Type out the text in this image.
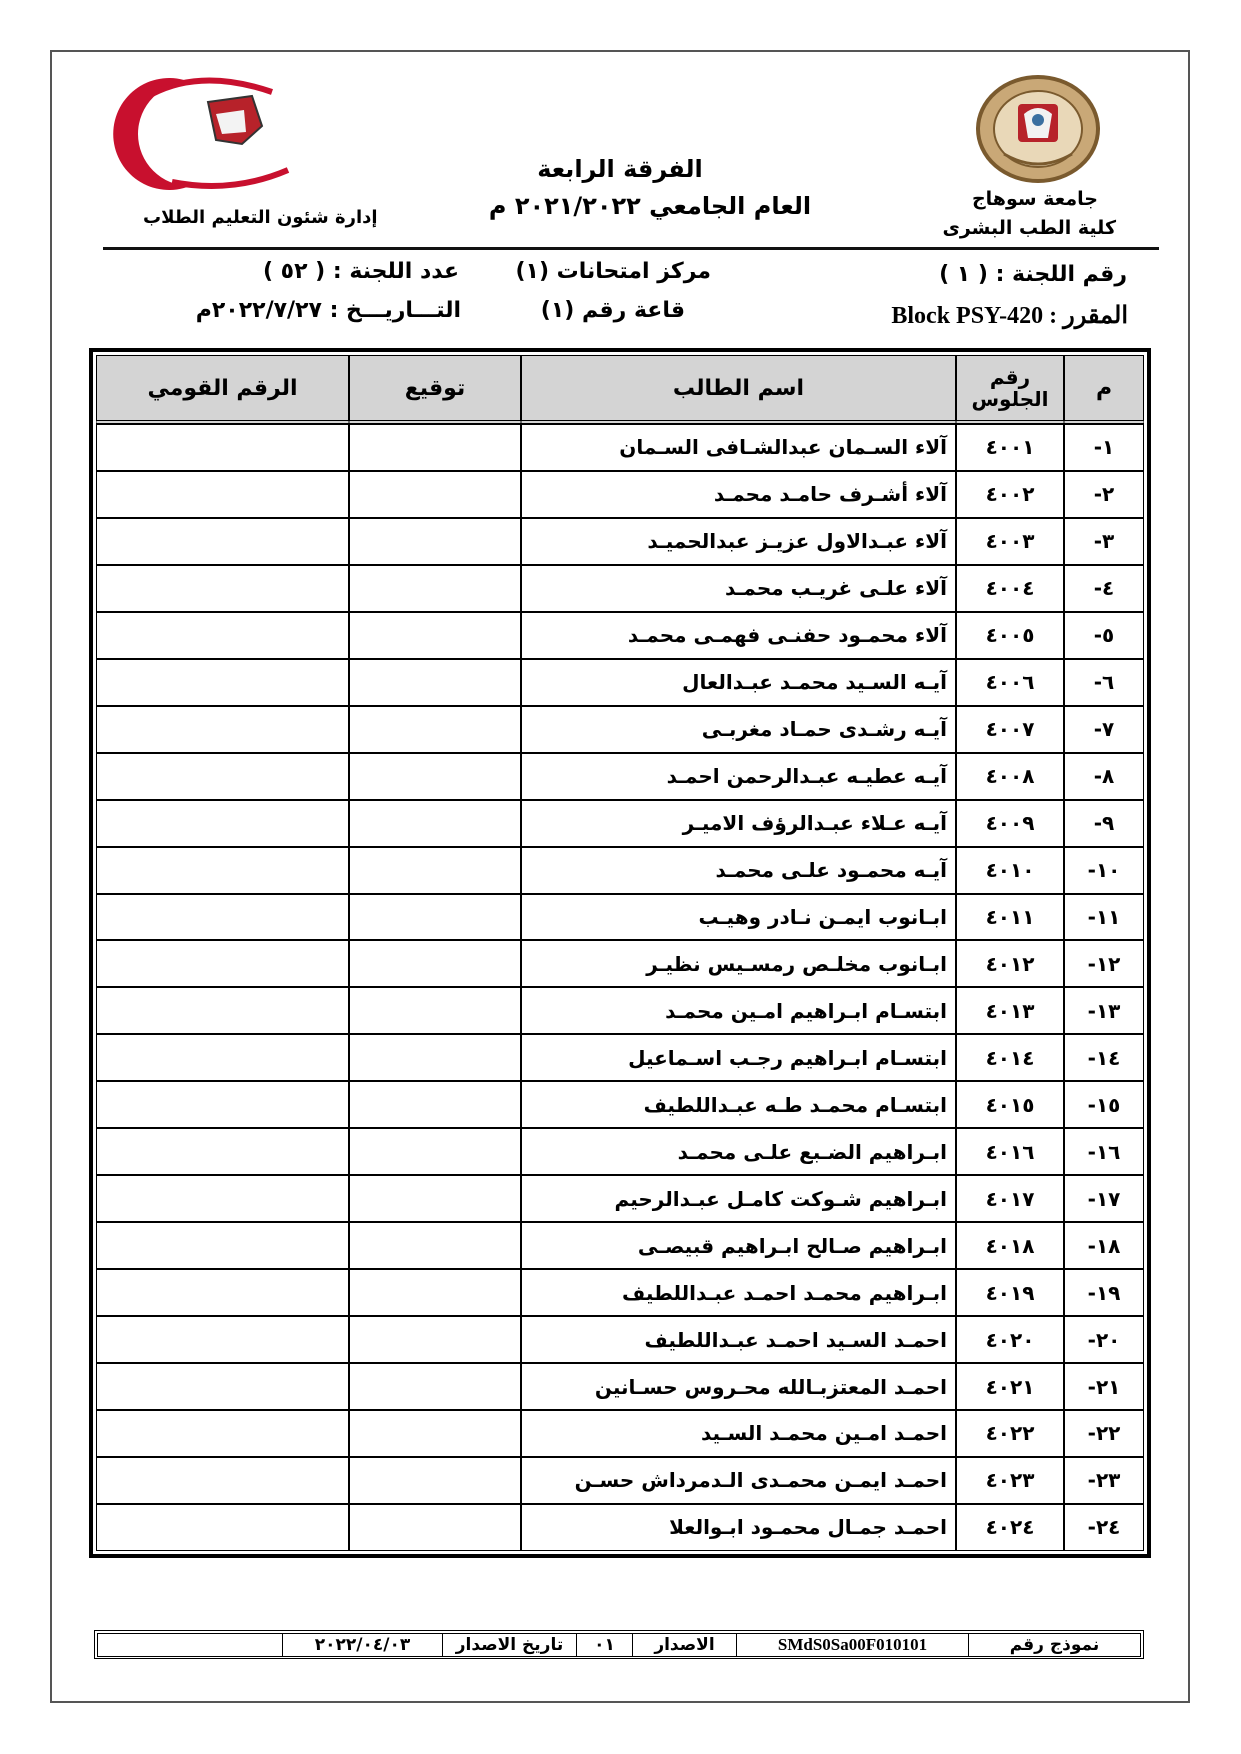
جامعة سوهاج
كلية الطب البشرى
إدارة شئون التعليم الطلاب
الفرقة الرابعة
العام الجامعي ٢٠٢١/٢٠٢٢ م
رقم اللجنة : ( ١ )
مركز امتحانات (١)
عدد اللجنة : ( ٥٢ )
المقرر : Block PSY-420
قاعة رقم (١)
التـــاريـــخ : ٢٠٢٢/٧/٢٧م
م	رقم الجلوس	اسم الطالب	توقيع	الرقم القومي
١-	٤٠٠١	آلاء السـمان عبدالشـافى السـمان		
٢-	٤٠٠٢	آلاء أشـرف حامـد محمـد		
٣-	٤٠٠٣	آلاء عبـدالاول عزيـز عبدالحميـد		
٤-	٤٠٠٤	آلاء علـى غريـب محمـد		
٥-	٤٠٠٥	آلاء محمـود حفنـى فهمـى محمـد		
٦-	٤٠٠٦	آيـه السـيد محمـد عبـدالعال		
٧-	٤٠٠٧	آيـه رشـدى حمـاد مغربـى		
٨-	٤٠٠٨	آيـه عطيـه عبـدالرحمن احمـد		
٩-	٤٠٠٩	آيـه عـلاء عبـدالرؤف الاميـر		
١٠-	٤٠١٠	آيـه محمـود علـى محمـد		
١١-	٤٠١١	ابـانوب ايمـن نـادر وهيـب		
١٢-	٤٠١٢	ابـانوب مخلـص رمسـيس نظيـر		
١٣-	٤٠١٣	ابتسـام ابـراهيم امـين محمـد		
١٤-	٤٠١٤	ابتسـام ابـراهيم رجـب اسـماعيل		
١٥-	٤٠١٥	ابتسـام محمـد طـه عبـداللطيف		
١٦-	٤٠١٦	ابـراهيم الضـبع علـى محمـد		
١٧-	٤٠١٧	ابـراهيم شـوكت كامـل عبـدالرحيم		
١٨-	٤٠١٨	ابـراهيم صـالح ابـراهيم قبيصـى		
١٩-	٤٠١٩	ابـراهيم محمـد احمـد عبـداللطيف		
٢٠-	٤٠٢٠	احمـد السـيد احمـد عبـداللطيف		
٢١-	٤٠٢١	احمـد المعتزبـالله محـروس حسـانين		
٢٢-	٤٠٢٢	احمـد امـين محمـد السـيد		
٢٣-	٤٠٢٣	احمـد ايمـن محمـدى الـدمرداش حسـن		
٢٤-	٤٠٢٤	احمـد جمـال محمـود ابـوالعلا		
نموذج رقم	SMdS0Sa00F010101	الاصدار	٠١	تاريخ الاصدار	٢٠٢٢/٠٤/٠٣	
